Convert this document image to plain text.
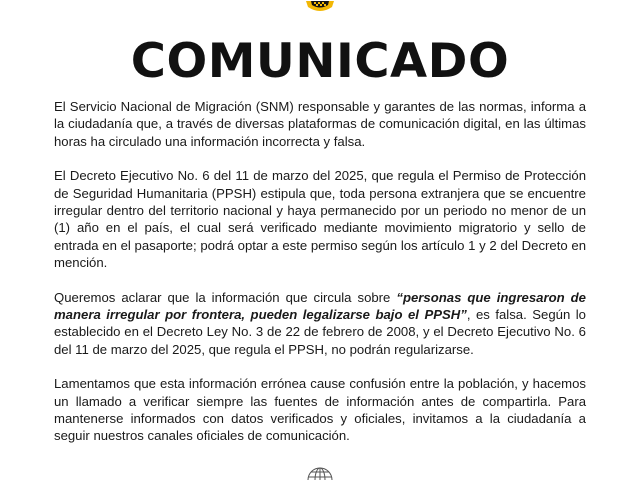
COMUNICADO

El Servicio Nacional de Migración (SNM) responsable y garantes de las normas, informa a la ciudadanía que, a través de diversas plataformas de comunicación digital, en las últimas horas ha circulado una información incorrecta y falsa.

El Decreto Ejecutivo No. 6 del 11 de marzo del 2025, que regula el Permiso de Protección de Seguridad Humanitaria (PPSH) estipula que, toda persona extranjera que se encuentre irregular dentro del territorio nacional y haya permanecido por un periodo no menor de un (1) año en el país, el cual será verificado mediante movimiento migratorio y sello de entrada en el pasaporte; podrá optar a este permiso según los artículo 1 y 2 del Decreto en mención.

Queremos aclarar que la información que circula sobre “personas que ingresaron de manera irregular por frontera, pueden legalizarse bajo el PPSH”, es falsa. Según lo establecido en el Decreto Ley No. 3 de 22 de febrero de 2008, y el Decreto Ejecutivo No. 6 del 11 de marzo del 2025, que regula el PPSH, no podrán regularizarse.

Lamentamos que esta información errónea cause confusión entre la población, y hacemos un llamado a verificar siempre las fuentes de información antes de compartirla. Para mantenerse informados con datos verificados y oficiales, invitamos a la ciudadanía a seguir nuestros canales oficiales de comunicación.
